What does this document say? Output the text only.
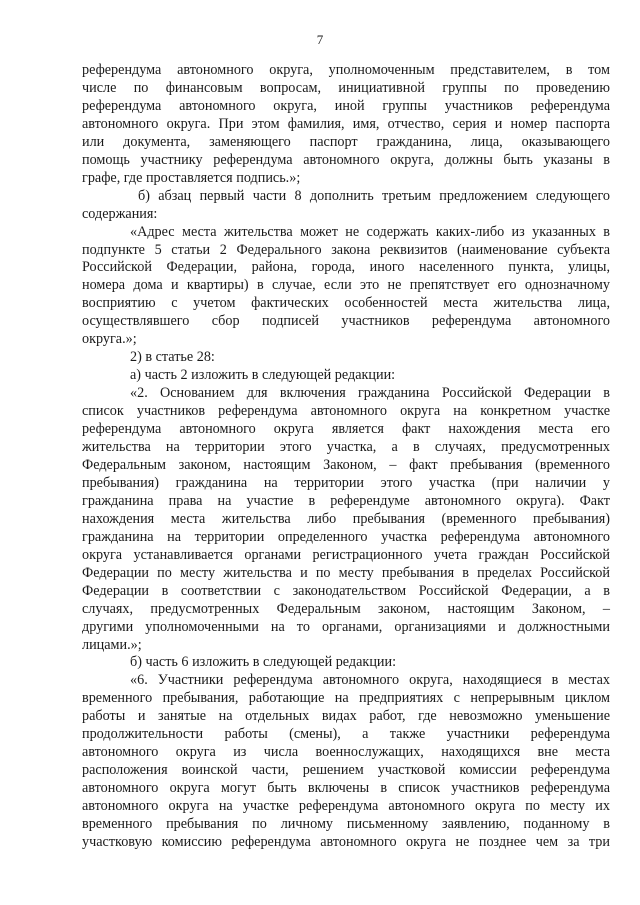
7
референдума автономного округа, уполномоченным представителем, в том
числе по финансовым вопросам, инициативной группы по проведению
референдума автономного округа, иной группы участников референдума
автономного округа. При этом фамилия, имя, отчество, серия и номер паспорта
или документа, заменяющего паспорт гражданина, лица, оказывающего
помощь участнику референдума автономного округа, должны быть указаны в
графе, где проставляется подпись.»;
б) абзац первый части 8 дополнить третьим предложением следующего
содержания:
«Адрес места жительства может не содержать каких-либо из указанных в
подпункте 5 статьи 2 Федерального закона реквизитов (наименование субъекта
Российской Федерации, района, города, иного населенного пункта, улицы,
номера дома и квартиры) в случае, если это не препятствует его однозначному
восприятию с учетом фактических особенностей места жительства лица,
осуществлявшего сбор подписей участников референдума автономного
округа.»;
2) в статье 28:
а) часть 2 изложить в следующей редакции:
«2. Основанием для включения гражданина Российской Федерации в
список участников референдума автономного округа на конкретном участке
референдума автономного округа является факт нахождения места его
жительства на территории этого участка, а в случаях, предусмотренных
Федеральным законом, настоящим Законом, – факт пребывания (временного
пребывания) гражданина на территории этого участка (при наличии у
гражданина права на участие в референдуме автономного округа). Факт
нахождения места жительства либо пребывания (временного пребывания)
гражданина на территории определенного участка референдума автономного
округа устанавливается органами регистрационного учета граждан Российской
Федерации по месту жительства и по месту пребывания в пределах Российской
Федерации в соответствии с законодательством Российской Федерации, а в
случаях, предусмотренных Федеральным законом, настоящим Законом, –
другими уполномоченными на то органами, организациями и должностными
лицами.»;
б) часть 6 изложить в следующей редакции:
«6. Участники референдума автономного округа, находящиеся в местах
временного пребывания, работающие на предприятиях с непрерывным циклом
работы и занятые на отдельных видах работ, где невозможно уменьшение
продолжительности работы (смены), а также участники референдума
автономного округа из числа военнослужащих, находящихся вне места
расположения воинской части, решением участковой комиссии референдума
автономного округа могут быть включены в список участников референдума
автономного округа на участке референдума автономного округа по месту их
временного пребывания по личному письменному заявлению, поданному в
участковую комиссию референдума автономного округа не позднее чем за три
